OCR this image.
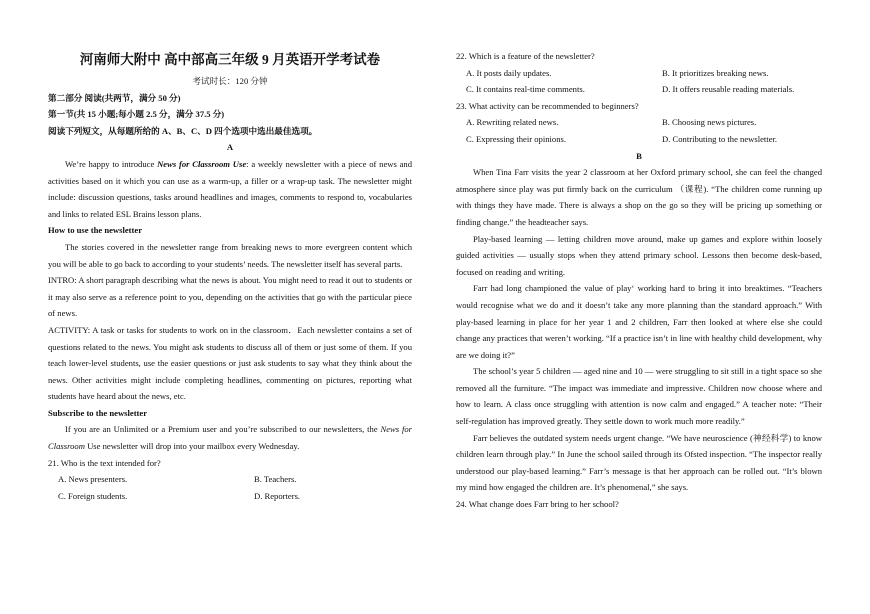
河南师大附中 高中部高三年级 9 月英语开学考试卷
考试时长：120 分钟
第二部分 阅读(共两节，满分 50 分)
第一节(共 15 小题;每小题 2.5 分，满分 37.5 分)
阅读下列短文，从每题所给的 A、B、C、D 四个选项中选出最佳选项。
A
We’re happy to introduce News for Classroom Use: a weekly newsletter with a piece of news and activities based on it which you can use as a warm-up, a filler or a wrap-up task. The newsletter might include: discussion questions, tasks around headlines and images, comments to respond to, vocabularies and links to related ESL Brains lesson plans.
How to use the newsletter
The stories covered in the newsletter range from breaking news to more evergreen content which you will be able to go back to according to your students’ needs. The newsletter itself has several parts.
INTRO: A short paragraph describing what the news is about. You might need to read it out to students or it may also serve as a reference point to you, depending on the activities that go with the particular piece of news.
ACTIVITY: A task or tasks for students to work on in the classroom．Each newsletter contains a set of questions related to the news. You might ask students to discuss all of them or just some of them. If you teach lower-level students, use the easier questions or just ask students to say what they think about the news. Other activities might include completing headlines, commenting on pictures, reporting what students have heard about the news, etc.
Subscribe to the newsletter
If you are an Unlimited or a Premium user and you’re subscribed to our newsletters, the News for Classroom Use newsletter will drop into your mailbox every Wednesday.
21. Who is the text intended for?
A. News presenters.	B. Teachers.
C. Foreign students.	D. Reporters.
22. Which is a feature of the newsletter?
A. It posts daily updates.	B. It prioritizes breaking news.
C. It contains real-time comments.	D. It offers reusable reading materials.
23. What activity can be recommended to beginners?
A. Rewriting related news.	B. Choosing news pictures.
C. Expressing their opinions.	D. Contributing to the newsletter.
B
When Tina Farr visits the year 2 classroom at her Oxford primary school, she can feel the changed atmosphere since play was put firmly back on the curriculum （课程). “The children come running up with things they have made. There is always a shop on the go so they will be pricing up something or finding change.” the headteacher says.
Play-based learning — letting children move around, make up games and explore within loosely guided activities — usually stops when they attend primary school. Lessons then become desk-based, focused on reading and writing.
Farr had long championed the value of play‘ working hard to bring it into breaktimes. “Teachers would recognise what we do and it doesn’t take any more planning than the standard approach.” With play-based learning in place for her year 1 and 2 children, Farr then looked at where else she could change any practices that weren’t working. “If a practice isn’t in line with healthy child development, why are we doing it?”
The school’s year 5 children — aged nine and 10 — were struggling to sit still in a tight space so she removed all the furniture. “The impact was immediate and impressive. Children now choose where and how to learn. A class once struggling with attention is now calm and engaged.” A teacher note: “Their self-regulation has improved greatly. They settle down to work much more readily.”
Farr believes the outdated system needs urgent change. “We have neuroscience (神经科学) to know children learn through play.” In June the school sailed through its Ofsted inspection. “The inspector really understood our play-based learning.” Farr’s message is that her approach can be rolled out. “It’s blown my mind how engaged the children are. It’s phenomenal,” she says.
24. What change does Farr bring to her school?
